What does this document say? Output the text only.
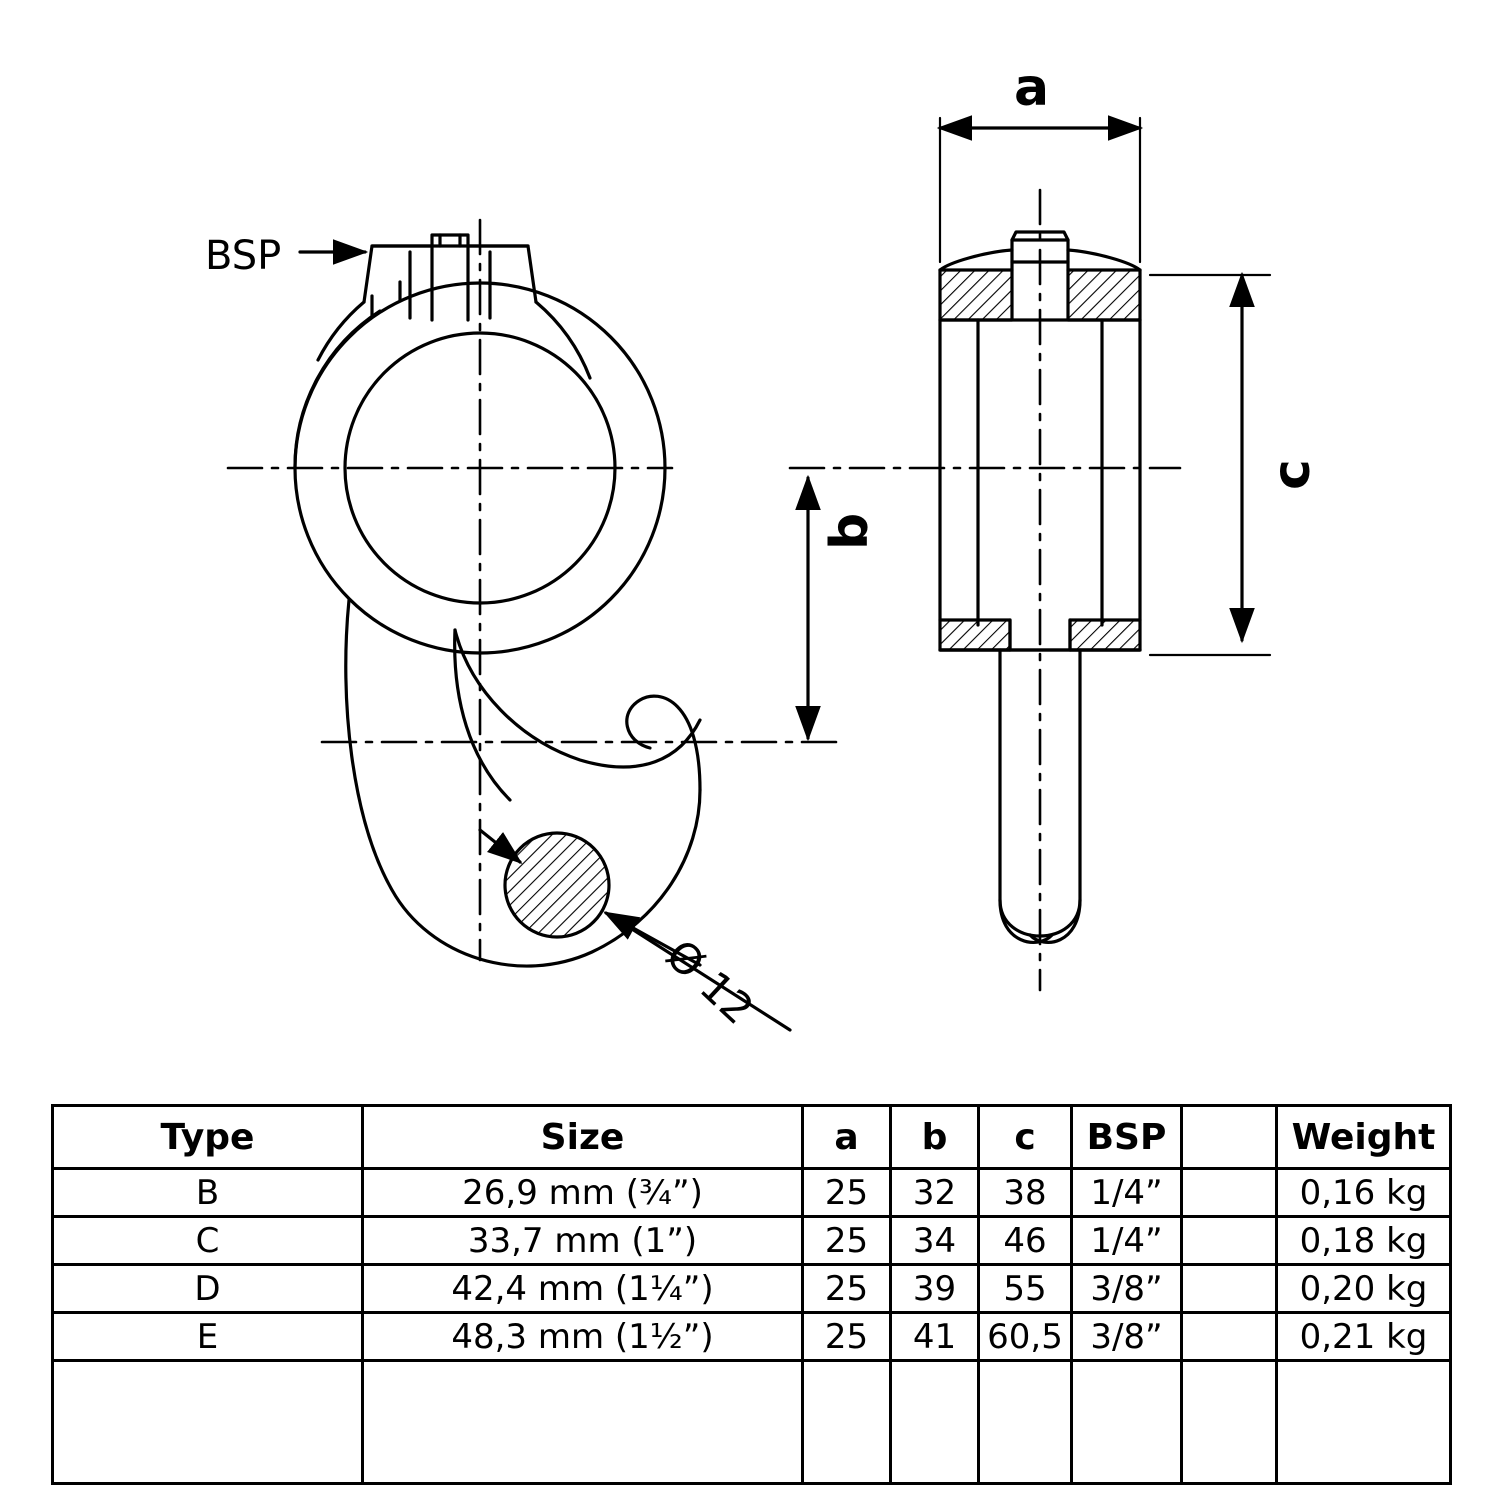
BSP
a
b
c
Ø 12
Type	Size	a	b	c	BSP		Weight
B	26,9 mm (¾”)	25	32	38	1/4”		0,16 kg
C	33,7 mm (1”)	25	34	46	1/4”		0,18 kg
D	42,4 mm (1¼”)	25	39	55	3/8”		0,20 kg
E	48,3 mm (1½”)	25	41	60,5	3/8”		0,21 kg
